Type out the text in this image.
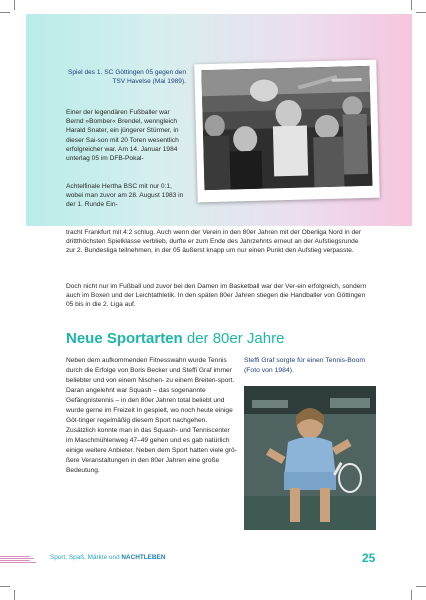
Spiel des 1. SC Göttingen 05 gegen den TSV Havelse (Mai 1989).

Einer der legendären Fußballer war Bernd »Bomber« Brendel, wenngleich Harald Snater, ein jüngerer Stürmer, in dieser Sai-son mit 20 Toren wesentlich erfolgreicher war. Am 14. Januar 1984 unterlag 05 im DFB-Pokal-

Achtelfinale Hertha BSC mit nur 0:1, wobei man zuvor am 28. August 1983 in der 1. Runde Ein-

tracht Frankfurt mit 4:2 schlug. Auch wenn der Verein in den 80er Jahren mit der Oberliga Nord in der drittthöchsten Spielklasse verblieb, durfte er zum Ende des Jahrzehnts erneut an der Aufstiegsrunde zur 2. Bundesliga teilnehmen, in der 05 äußerst knapp um nur einen Punkt den Aufstieg verpasste.

Doch nicht nur im Fußball und zuvor bei den Damen im Basketball war der Ver-ein erfolgreich, sondern auch im Boxen und der Leichtathletik. In den späten 80er Jahren stiegen die Handballer von Göttingen 05 bis in die 2. Liga auf.

Neue Sportarten der 80er Jahre

Neben dem aufkommenden Fitnesswahn wurde Tennis durch die Erfolge von Boris Becker und Steffi Graf immer beliebter und von einem Nischen- zu einem Breiten-sport. Daran angelehnt war Squash – das sogenannte Gefängnistennis – in den 80er Jahren total beliebt und wurde gerne im Freizeit In gespielt, wo noch heute einige Göt-tinger regelmäßig diesem Sport nachgehen. Zusätzlich konnte man in das Squash- und Tenniscenter im Maschmühlenweg 47–49 gehen und es gab natürlich einige weitere Anbieter. Neben dem Sport hatten viele grö-ßere Veranstaltungen in den 80er Jahren eine große Bedeutung.

Steffi Graf sorgte für einen Tennis-Boom (Foto von 1984).
Sport, Spaß, Märkte und NACHTLEBEN	25
